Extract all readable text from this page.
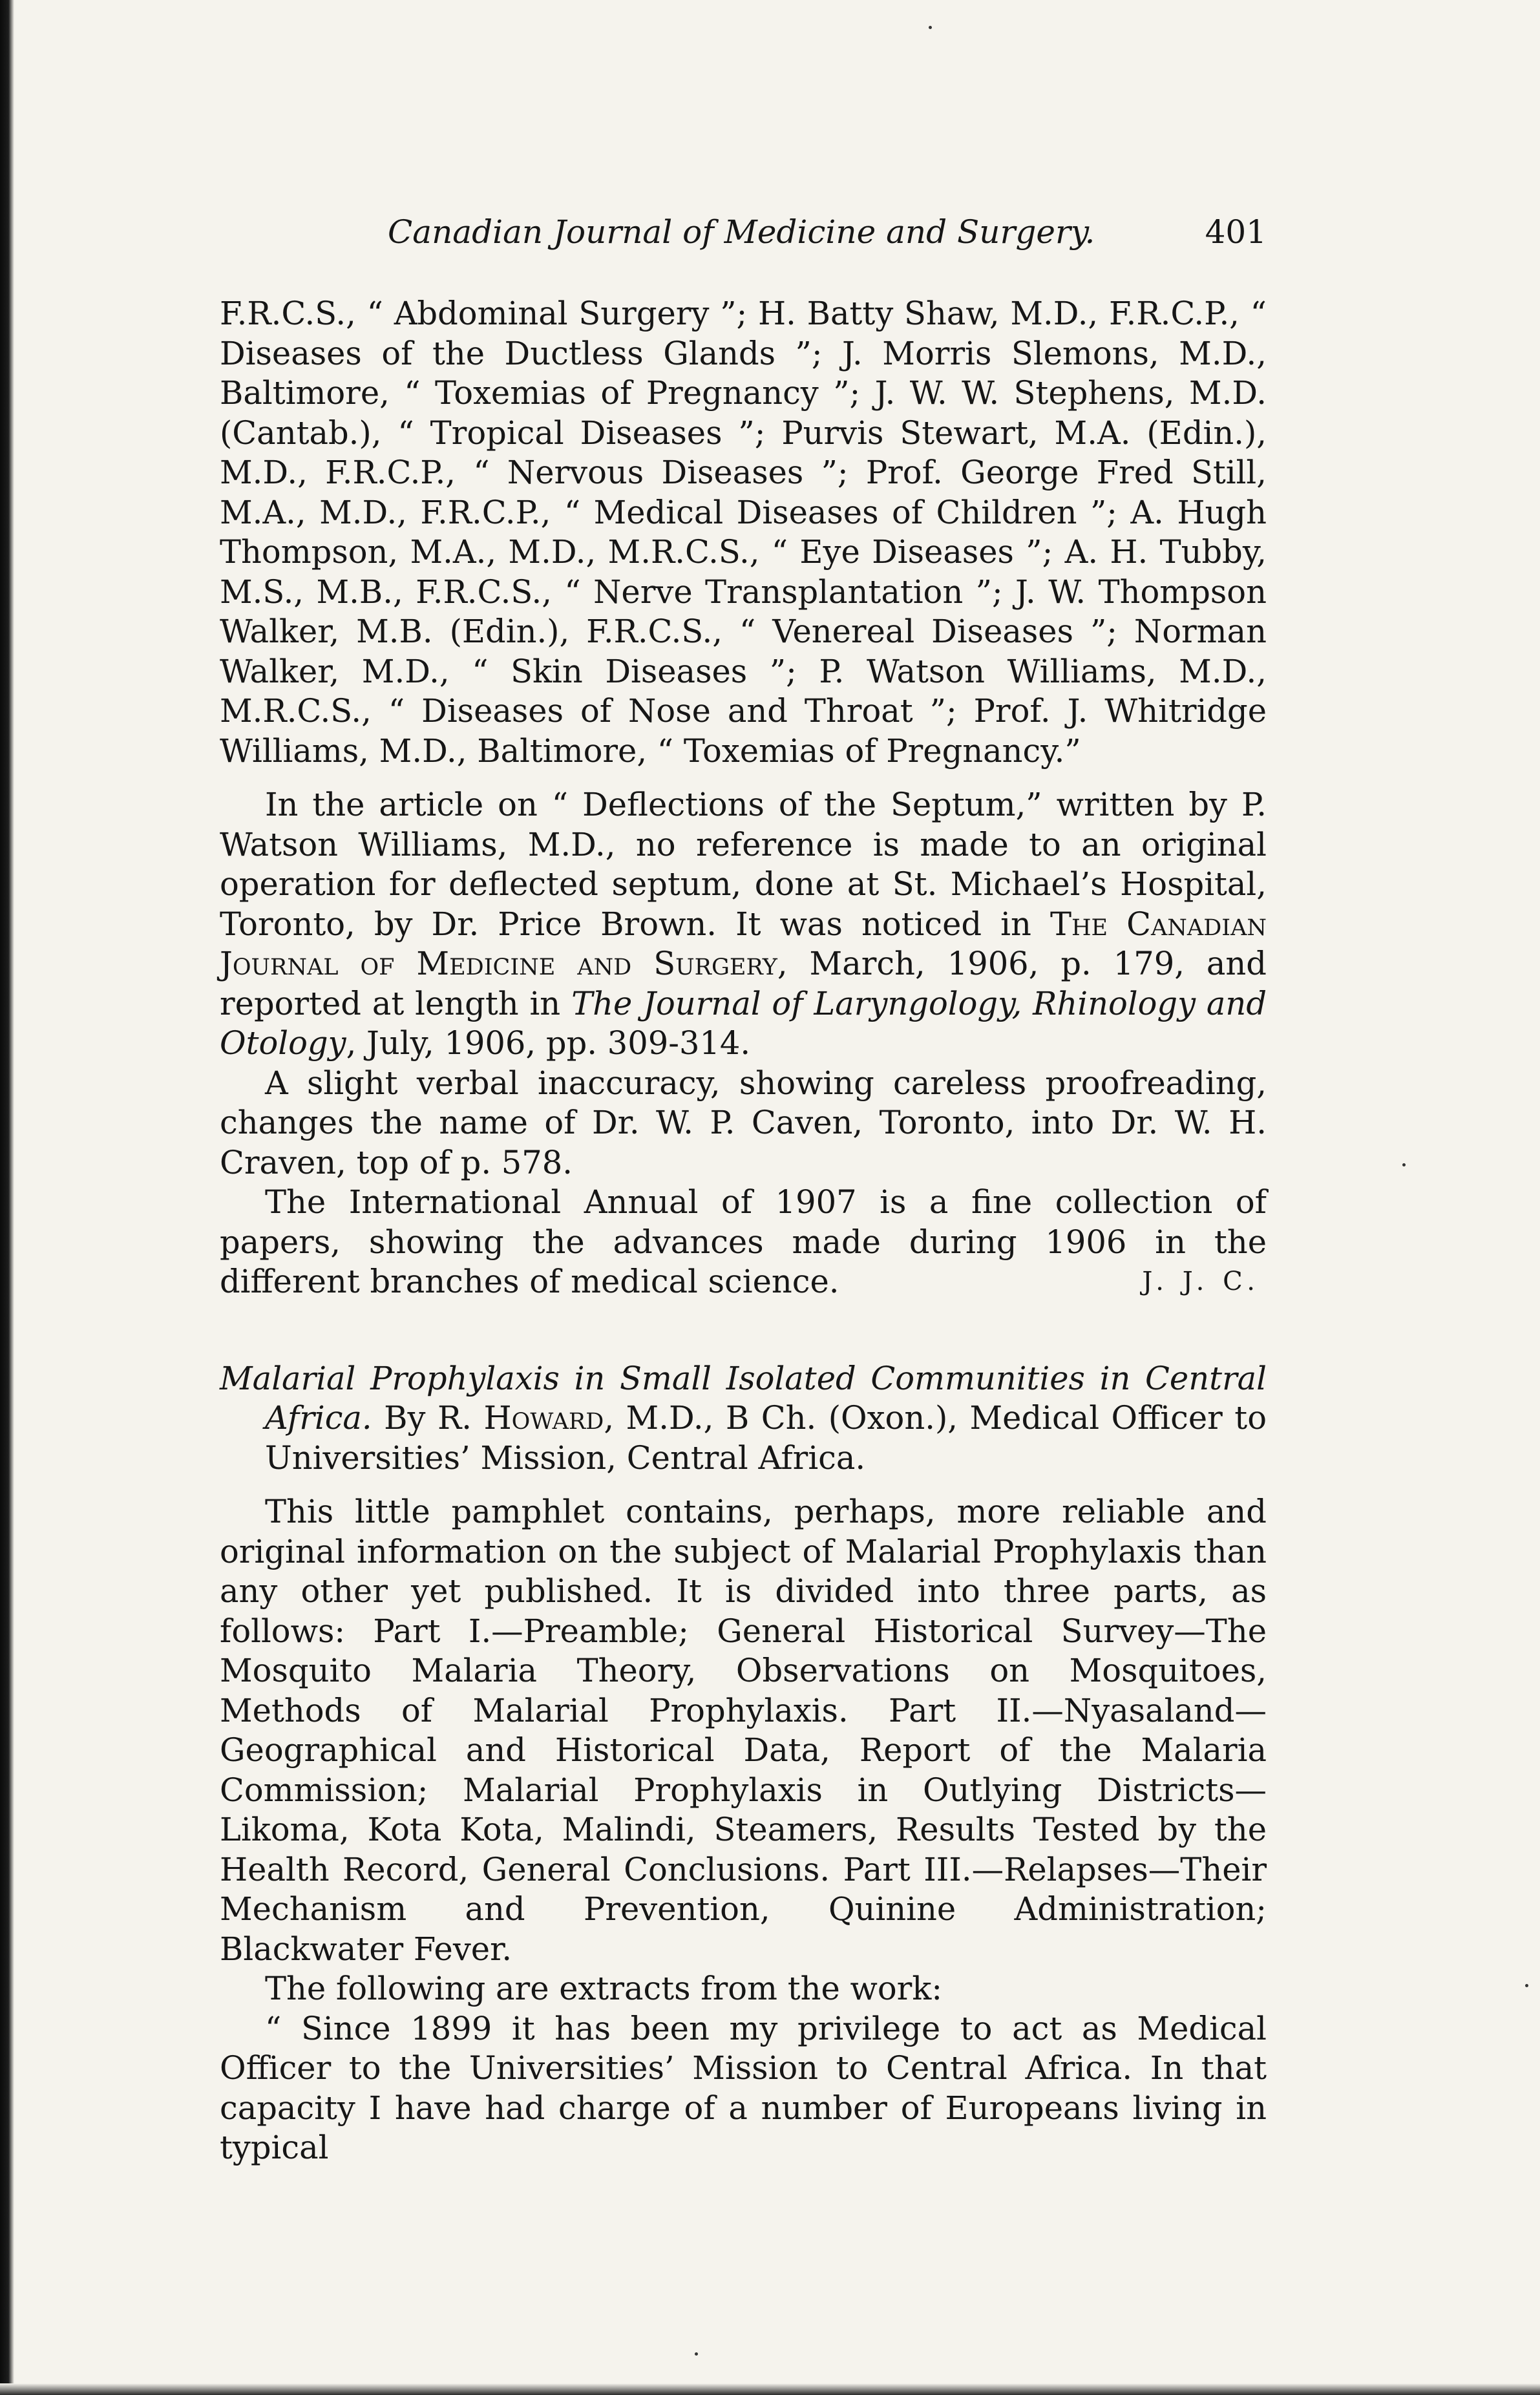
Canadian Journal of Medicine and Surgery.	401

F.R.C.S., “ Abdominal Surgery ”; H. Batty Shaw, M.D., F.R.C.P., “ Diseases of the Ductless Glands ”; J. Morris Slemons, M.D., Baltimore, “ Toxemias of Pregnancy ”; J. W. W. Stephens, M.D. (Cantab.), “ Tropical Diseases ”; Purvis Stewart, M.A. (Edin.), M.D., F.R.C.P., “ Nervous Diseases ”; Prof. George Fred Still, M.A., M.D., F.R.C.P., “ Medical Diseases of Children ”; A. Hugh Thompson, M.A., M.D., M.R.C.S., “ Eye Diseases ”; A. H. Tubby, M.S., M.B., F.R.C.S., “ Nerve Transplantation ”; J. W. Thompson Walker, M.B. (Edin.), F.R.C.S., “ Venereal Diseases ”; Norman Walker, M.D., “ Skin Diseases ”; P. Watson Williams, M.D., M.R.C.S., “ Diseases of Nose and Throat ”; Prof. J. Whitridge Williams, M.D., Baltimore, “ Toxemias of Pregnancy.”

In the article on “ Deflections of the Septum,” written by P. Watson Williams, M.D., no reference is made to an original operation for deflected septum, done at St. Michael’s Hospital, Toronto, by Dr. Price Brown. It was noticed in The Canadian Journal of Medicine and Surgery, March, 1906, p. 179, and reported at length in The Journal of Laryngology, Rhinology and Otology, July, 1906, pp. 309-314.

A slight verbal inaccuracy, showing careless proofreading, changes the name of Dr. W. P. Caven, Toronto, into Dr. W. H. Craven, top of p. 578.

The International Annual of 1907 is a fine collection of papers, showing the advances made during 1906 in the different branches of medical science.	J. J. C.

Malarial Prophylaxis in Small Isolated Communities in Central Africa. By R. Howard, M.D., B Ch. (Oxon.), Medical Officer to Universities’ Mission, Central Africa.

This little pamphlet contains, perhaps, more reliable and original information on the subject of Malarial Prophylaxis than any other yet published. It is divided into three parts, as follows: Part I.—Preamble; General Historical Survey—The Mosquito Malaria Theory, Observations on Mosquitoes, Methods of Malarial Prophylaxis. Part II.—Nyasaland—Geographical and Historical Data, Report of the Malaria Commission; Malarial Prophylaxis in Outlying Districts—Likoma, Kota Kota, Malindi, Steamers, Results Tested by the Health Record, General Conclusions. Part III.—Relapses—Their Mechanism and Prevention, Quinine Administration; Blackwater Fever.

The following are extracts from the work:

“ Since 1899 it has been my privilege to act as Medical Officer to the Universities’ Mission to Central Africa. In that capacity I have had charge of a number of Europeans living in typical
